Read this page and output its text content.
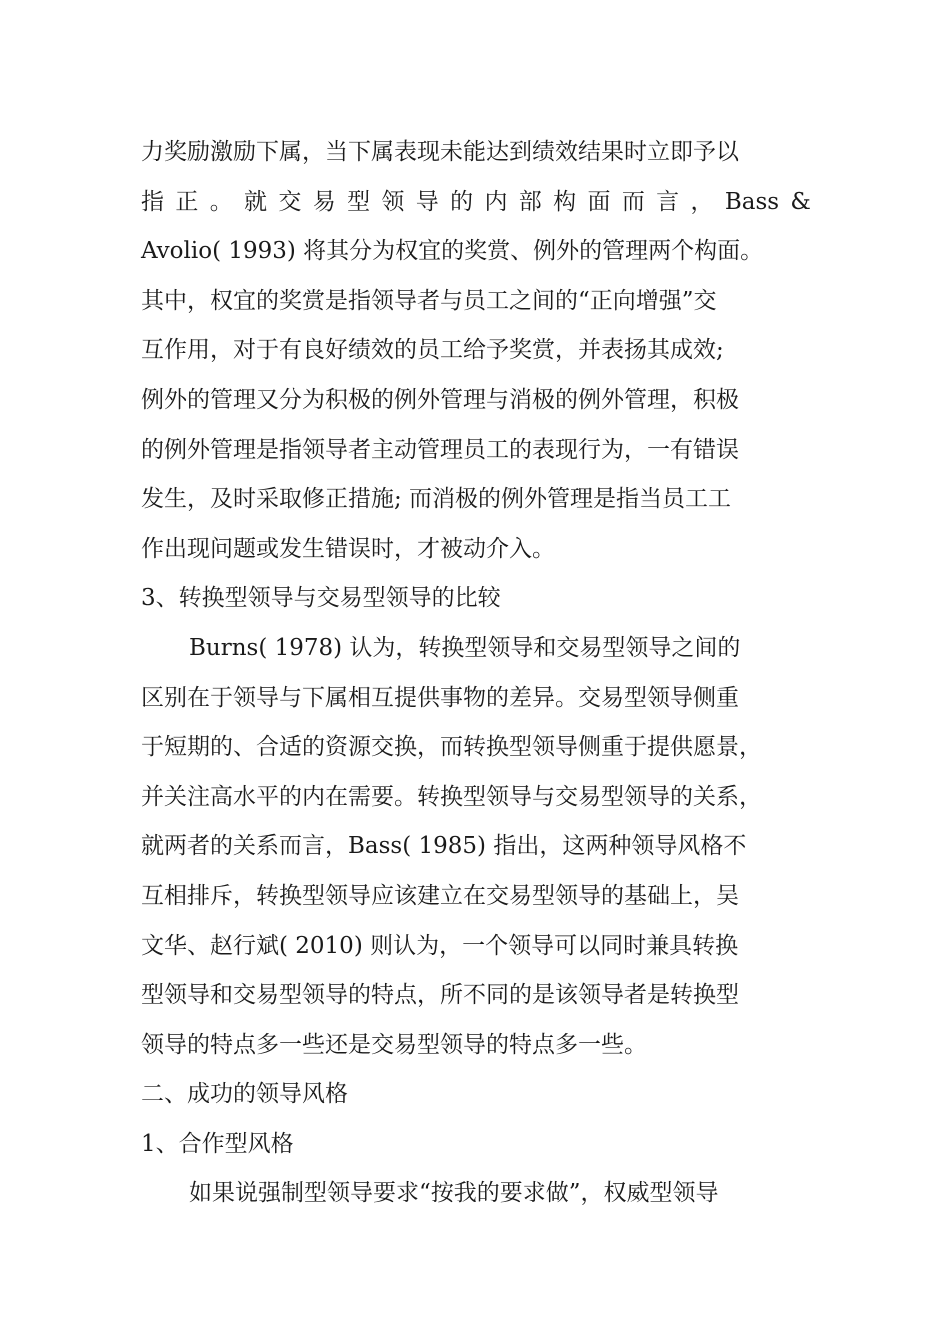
力奖励激励下属，当下属表现未能达到绩效结果时立即予以
指 正 。 就 交 易 型 领 导 的 内 部 构 面 而 言 ， Bass &
Avolio( 1993) 将其分为权宜的奖赏、例外的管理两个构面。
其中，权宜的奖赏是指领导者与员工之间的“正向增强”交
互作用，对于有良好绩效的员工给予奖赏，并表扬其成效;
例外的管理又分为积极的例外管理与消极的例外管理，积极
的例外管理是指领导者主动管理员工的表现行为，一有错误
发生，及时采取修正措施; 而消极的例外管理是指当员工工
作出现问题或发生错误时，才被动介入。
3、转换型领导与交易型领导的比较
Burns( 1978) 认为，转换型领导和交易型领导之间的
区别在于领导与下属相互提供事物的差异。交易型领导侧重
于短期的、合适的资源交换，而转换型领导侧重于提供愿景，
并关注高水平的内在需要。转换型领导与交易型领导的关系，
就两者的关系而言，Bass( 1985) 指出，这两种领导风格不
互相排斥，转换型领导应该建立在交易型领导的基础上，吴
文华、赵行斌( 2010) 则认为，一个领导可以同时兼具转换
型领导和交易型领导的特点，所不同的是该领导者是转换型
领导的特点多一些还是交易型领导的特点多一些。
二、成功的领导风格
1、合作型风格
如果说强制型领导要求“按我的要求做”，权威型领导
